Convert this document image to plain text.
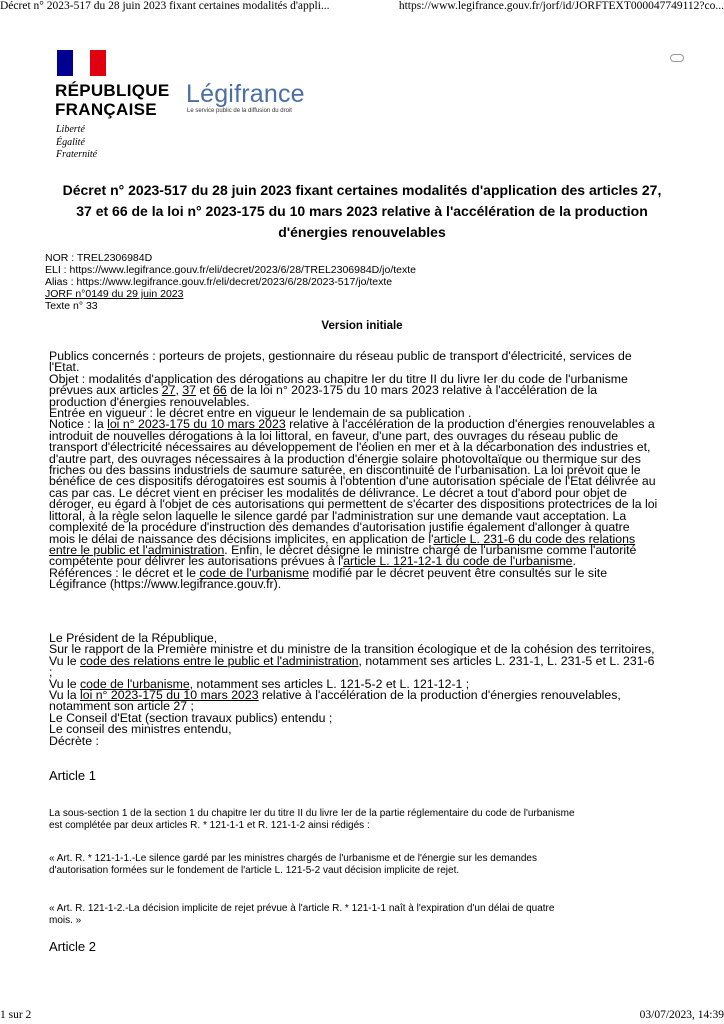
Décret n° 2023-517 du 28 juin 2023 fixant certaines modalités d'appli...	https://www.legifrance.gouv.fr/jorf/id/JORFTEXT000047749112?co...
RÉPUBLIQUE
FRANÇAISE
Liberté
Égalité
Fraternité
Légifrance
Le service public de la diffusion du droit
Décret n° 2023-517 du 28 juin 2023 fixant certaines modalités d'application des articles 27,
37 et 66 de la loi n° 2023-175 du 10 mars 2023 relative à l'accélération de la production
d'énergies renouvelables
NOR : TREL2306984D
ELI : https://www.legifrance.gouv.fr/eli/decret/2023/6/28/TREL2306984D/jo/texte
Alias : https://www.legifrance.gouv.fr/eli/decret/2023/6/28/2023-517/jo/texte
JORF n°0149 du 29 juin 2023
Texte n° 33
Version initiale
Publics concernés : porteurs de projets, gestionnaire du réseau public de transport d'électricité, services de
l'Etat.
Objet : modalités d'application des dérogations au chapitre Ier du titre II du livre Ier du code de l'urbanisme
prévues aux articles 27, 37 et 66 de la loi n° 2023-175 du 10 mars 2023 relative à l'accélération de la
production d'énergies renouvelables.
Entrée en vigueur : le décret entre en vigueur le lendemain de sa publication .
Notice : la loi n° 2023-175 du 10 mars 2023 relative à l'accélération de la production d'énergies renouvelables a
introduit de nouvelles dérogations à la loi littoral, en faveur, d'une part, des ouvrages du réseau public de
transport d'électricité nécessaires au développement de l'éolien en mer et à la décarbonation des industries et,
d'autre part, des ouvrages nécessaires à la production d'énergie solaire photovoltaïque ou thermique sur des
friches ou des bassins industriels de saumure saturée, en discontinuité de l'urbanisation. La loi prévoit que le
bénéfice de ces dispositifs dérogatoires est soumis à l'obtention d'une autorisation spéciale de l'Etat délivrée au
cas par cas. Le décret vient en préciser les modalités de délivrance. Le décret a tout d'abord pour objet de
déroger, eu égard à l'objet de ces autorisations qui permettent de s'écarter des dispositions protectrices de la loi
littoral, à la règle selon laquelle le silence gardé par l'administration sur une demande vaut acceptation. La
complexité de la procédure d'instruction des demandes d'autorisation justifie également d'allonger à quatre
mois le délai de naissance des décisions implicites, en application de l'article L. 231-6 du code des relations
entre le public et l'administration. Enfin, le décret désigne le ministre chargé de l'urbanisme comme l'autorité
compétente pour délivrer les autorisations prévues à l'article L. 121-12-1 du code de l'urbanisme.
Références : le décret et le code de l'urbanisme modifié par le décret peuvent être consultés sur le site
Légifrance (https://www.legifrance.gouv.fr).
Le Président de la République,
Sur le rapport de la Première ministre et du ministre de la transition écologique et de la cohésion des territoires,
Vu le code des relations entre le public et l'administration, notamment ses articles L. 231-1, L. 231-5 et L. 231-6
;
Vu le code de l'urbanisme, notamment ses articles L. 121-5-2 et L. 121-12-1 ;
Vu la loi n° 2023-175 du 10 mars 2023 relative à l'accélération de la production d'énergies renouvelables,
notamment son article 27 ;
Le Conseil d'Etat (section travaux publics) entendu ;
Le conseil des ministres entendu,
Décrète :
Article 1
La sous-section 1 de la section 1 du chapitre Ier du titre II du livre Ier de la partie réglementaire du code de l'urbanisme
est complétée par deux articles R. * 121-1-1 et R. 121-1-2 ainsi rédigés :
« Art. R. * 121-1-1.-Le silence gardé par les ministres chargés de l'urbanisme et de l'énergie sur les demandes
d'autorisation formées sur le fondement de l'article L. 121-5-2 vaut décision implicite de rejet.
« Art. R. 121-1-2.-La décision implicite de rejet prévue à l'article R. * 121-1-1 naît à l'expiration d'un délai de quatre
mois. »
Article 2
1 sur 2	03/07/2023, 14:39
